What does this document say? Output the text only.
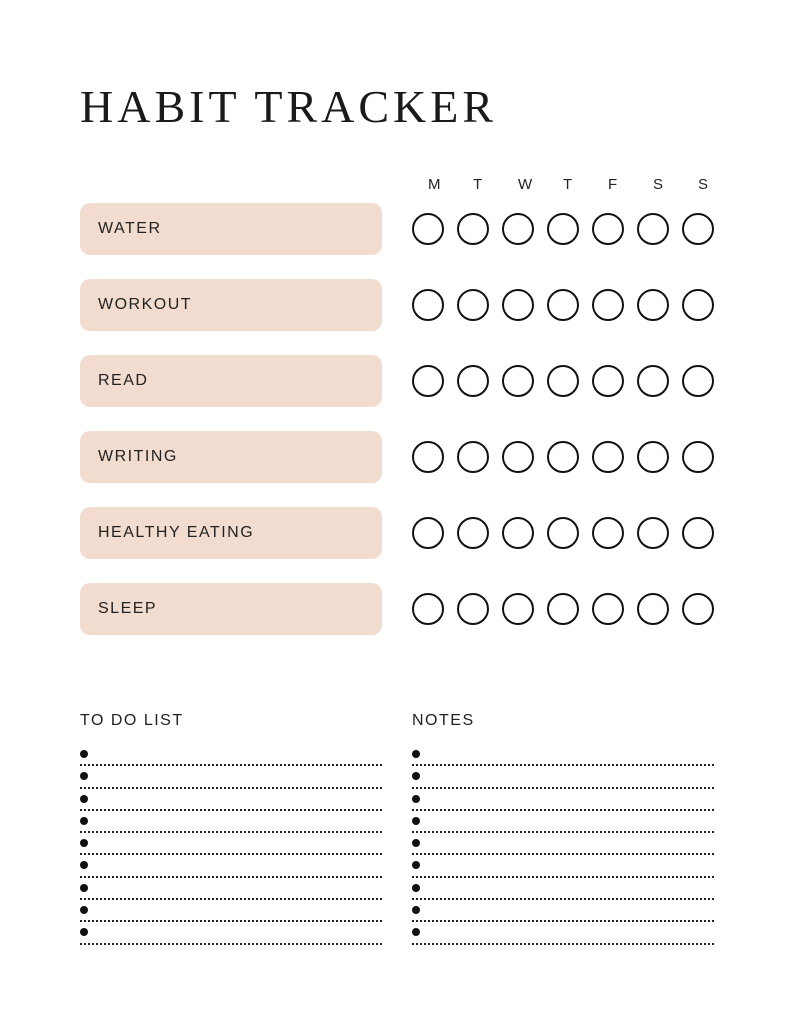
HABIT TRACKER
M	T	W	T	F	S	S
WATER
WORKOUT
READ
WRITING
HEALTHY EATING
SLEEP
TO DO LIST	NOTES
